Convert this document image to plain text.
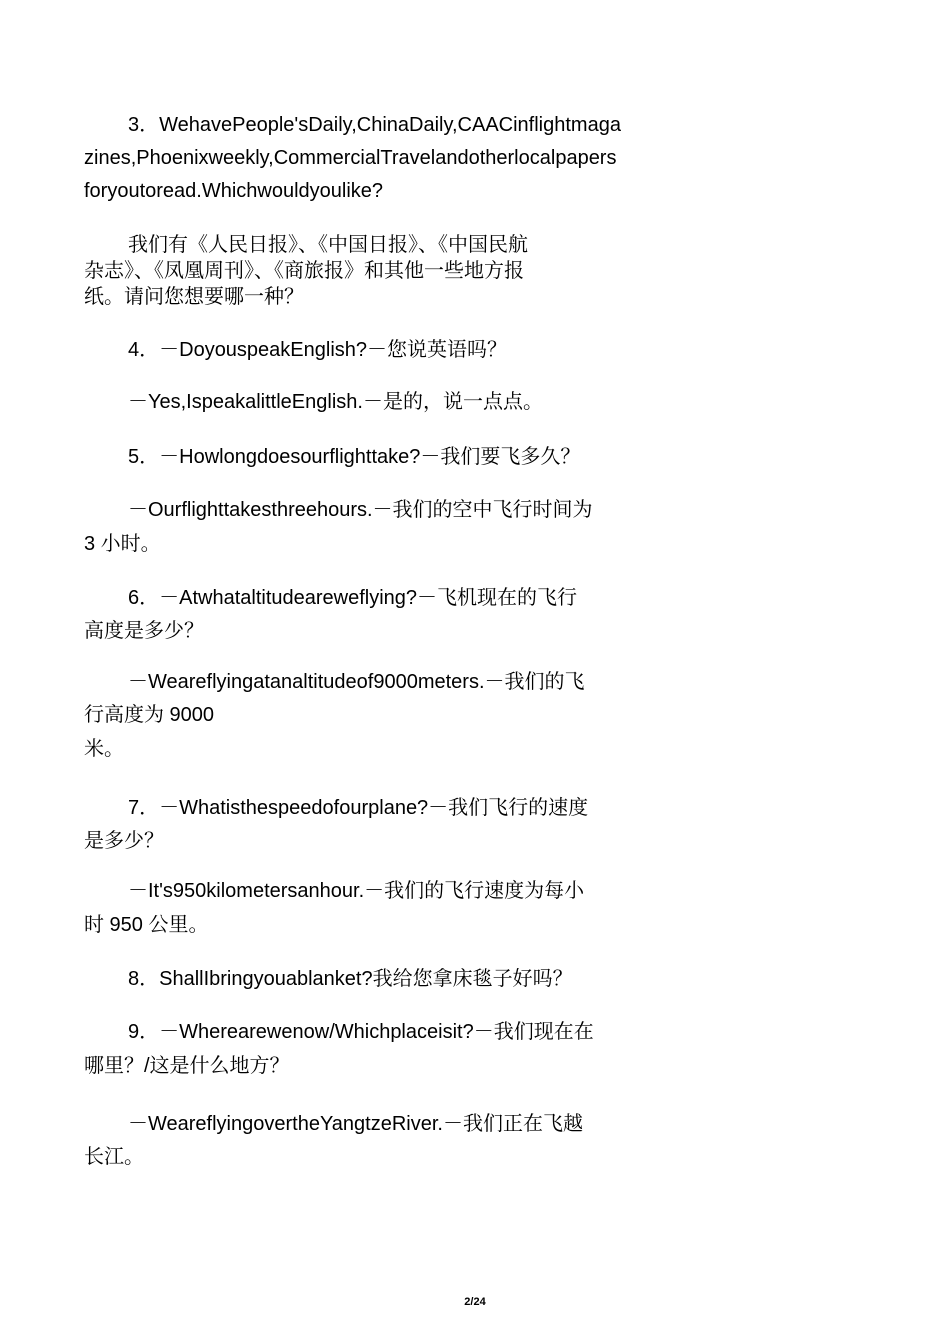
3．WehavePeople'sDaily,ChinaDaily,CAACinflightmaga
zines,Phoenixweekly,CommercialTravelandotherlocalpapers
foryoutoread.Whichwouldyoulike?
我们有《人民日报》、《中国日报》、《中国民航
杂志》、《凤凰周刊》、《商旅报》和其他一些地方报
纸。请问您想要哪一种？
4．－DoyouspeakEnglish?－您说英语吗？
－Yes,IspeakalittleEnglish.－是的，说一点点。
5．－Howlongdoesourflighttake?－我们要飞多久？
－Ourflighttakesthreehours.－我们的空中飞行时间为
3 小时。
6．－Atwhataltitudeareweflying?－飞机现在的飞行
高度是多少？
－Weareflyingatanaltitudeof9000meters.－我们的飞
行高度为 9000
米。
7．－Whatisthespeedofourplane?－我们飞行的速度
是多少？
－It's950kilometersanhour.－我们的飞行速度为每小
时 950 公里。
8．ShallIbringyouablanket?我给您拿床毯子好吗？
9．－Wherearewenow/Whichplaceisit?－我们现在在
哪里？/这是什么地方？
－WeareflyingovertheYangtzeRiver.－我们正在飞越
长江。
2/24
